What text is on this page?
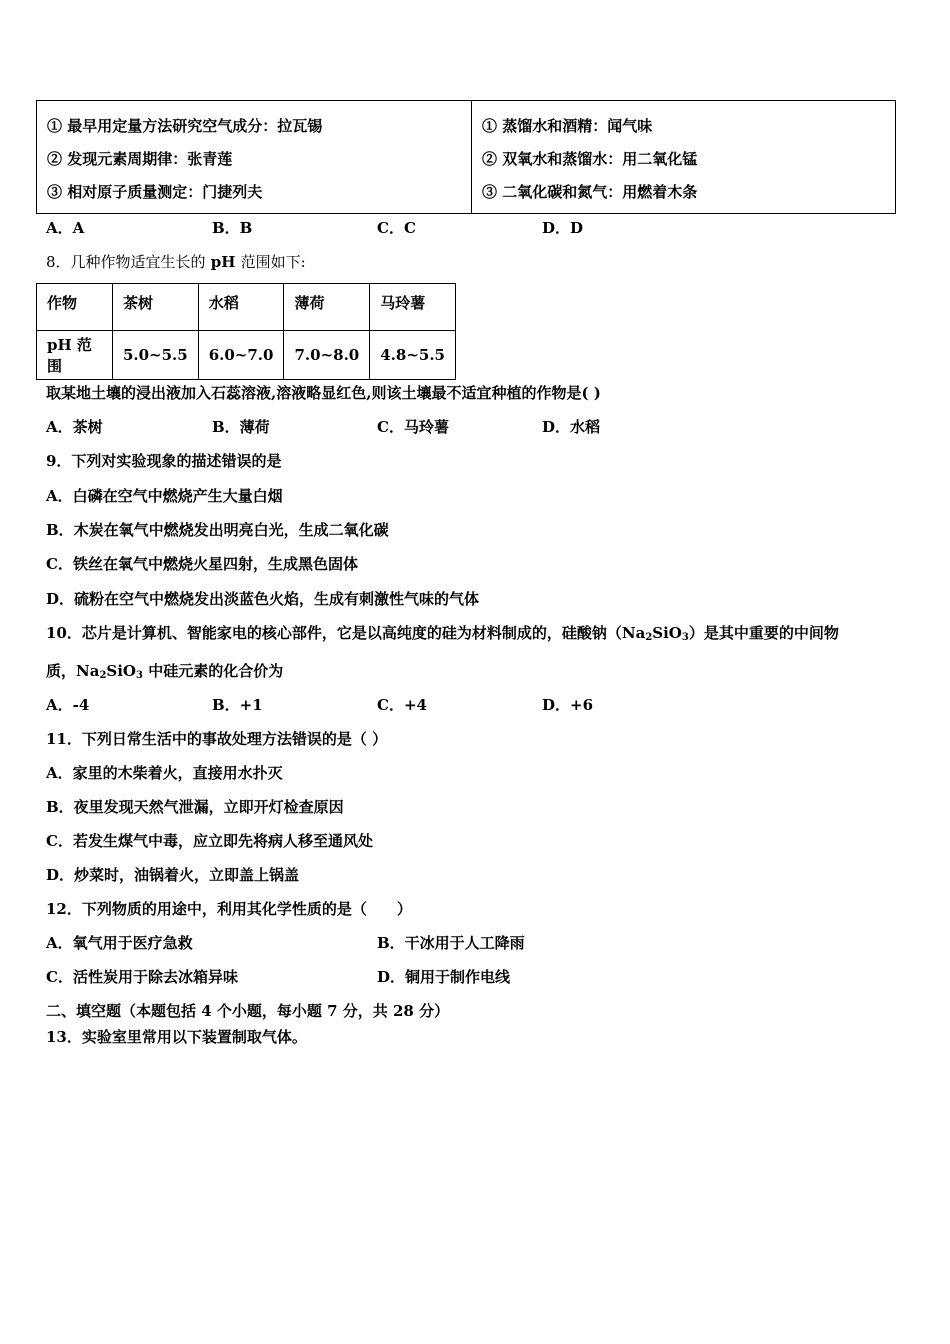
① 最早用定量方法研究空气成分：拉瓦锡
② 发现元素周期律：张青莲
③ 相对原子质量测定：门捷列夫

① 蒸馏水和酒精：闻气味
② 双氧水和蒸馏水：用二氧化锰
③ 二氧化碳和氮气：用燃着木条
A．A	B．B	C．C	D．D
8．几种作物适宜生长的 pH 范围如下:
作物	茶树	水稻	薄荷	马玲薯
pH 范围	5.0~5.5	6.0~7.0	7.0~8.0	4.8~5.5
取某地土壤的浸出液加入石蕊溶液,溶液略显红色,则该土壤最不适宜种植的作物是( )
A．茶树	B．薄荷	C．马玲薯	D．水稻
9．下列对实验现象的描述错误的是
A．白磷在空气中燃烧产生大量白烟
B．木炭在氧气中燃烧发出明亮白光，生成二氧化碳
C．铁丝在氧气中燃烧火星四射，生成黑色固体
D．硫粉在空气中燃烧发出淡蓝色火焰，生成有刺激性气味的气体
10．芯片是计算机、智能家电的核心部件，它是以高纯度的硅为材料制成的，硅酸钠$(Na_2SiO_3)$是其中重要的中间物
质，$Na_2SiO_3$ 中硅元素的化合价为
A．-4	B．+1	C．+4	D．+6
11．下列日常生活中的事故处理方法错误的是（ ）
A．家里的木柴着火，直接用水扑灭
B．夜里发现天然气泄漏，立即开灯检查原因
C．若发生煤气中毒，应立即先将病人移至通风处
D．炒菜时，油锅着火，立即盖上锅盖
12．下列物质的用途中，利用其化学性质的是（　　）
A．氧气用于医疗急救	B．干冰用于人工降雨
C．活性炭用于除去冰箱异味	D．铜用于制作电线
二、填空题（本题包括 4 个小题，每小题 7 分，共 28 分）
13．实验室里常用以下装置制取气体。
